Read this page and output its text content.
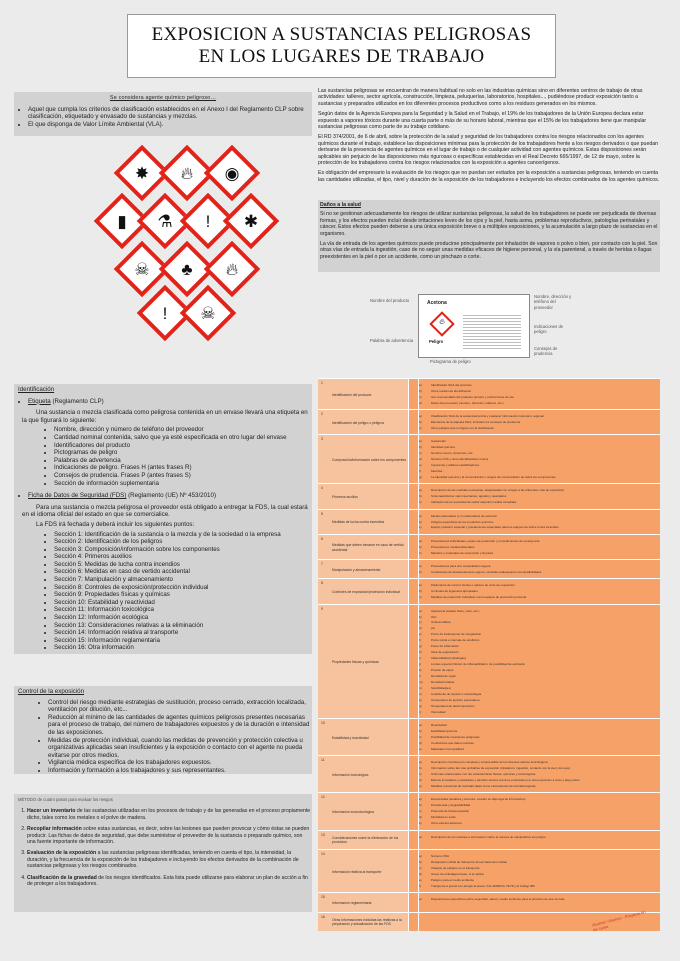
EXPOSICION A SUSTANCIAS PELIGROSAS
EN LOS LUGARES DE TRABAJO
Se considera agente químico peligroso…
• Aquel que cumpla los criterios de clasificación establecidos en el Anexo I del Reglamento CLP sobre clasificación, etiquetado y envasado de sustancias y mezclas.
• El que disponga de Valor Límite Ambiental (VLA).
✸	🔥︎	◉
▮	⚗	!	✱
☠	♣	🔥︎
!	☠

Las sustancias peligrosas se encuentran de manera habitual no solo en las industrias químicas sino en diferentes centros de trabajo de otras actividades: talleres, sector agrícola, construcción, limpieza, peluquerías, laboratorios, hospitales..., pudiéndose producir exposición tanto a sustancias y preparados utilizados en los diferentes procesos productivos como a los residuos generados en los mismos.

Según datos de la Agencia Europea para la Seguridad y la Salud en el Trabajo, el 19% de los trabajadores de la Unión Europea declara estar expuesto a vapores tóxicos durante una cuarta parte o más de su horario laboral, mientras que el 15% de los trabajadores tiene que manipular sustancias peligrosas como parte de su trabajo cotidiano.

El RD 374/2001, de 6 de abril, sobre la protección de la salud y seguridad de los trabajadores contra los riesgos relacionados con los agentes químicos durante el trabajo, establece las disposiciones mínimas para la protección de los trabajadores frente a los riesgos derivados o que puedan derivarse de la presencia de agentes químicos en el lugar de trabajo o de cualquier actividad con agentes químicos. Estas disposiciones serán aplicables sin perjuicio de las disposiciones más rigurosas o específicas establecidas en el Real Decreto 665/1997, de 12 de mayo, sobre la protección de los trabajadores contra los riesgos relacionados con la exposición a agentes cancerígenos.

Es obligación del empresario la evaluación de los riesgos que no puedan ser evitados por la exposición a sustancias peligrosas, teniendo en cuenta las cantidades utilizadas, el tipo, nivel y duración de la exposición de los trabajadores e incluyendo los efectos combinados de los agentes químicos.

Daños a la salud

Si no se gestionan adecuadamente los riesgos de utilizar sustancias peligrosas, la salud de los trabajadores se puede ver perjudicada de diversas formas, y los efectos pueden incluir desde irritaciones leves de los ojos y la piel, hasta asma, problemas reproductivos, patologías perinatales y cáncer. Estos efectos pueden deberse a una única exposición breve o a múltiples exposiciones, y la acumulación a largo plazo de sustancias en el organismo.

La vía de entrada de los agentes químicos puede producirse principalmente por inhalación de vapores o polvo o bien, por contacto con la piel. Son otras vías de entrada la ingestión, caso de no seguir unas medidas eficaces de higiene personal, y la vía parenteral, a través de heridas o llagas preexistentes en la piel o por un accidente, como un pinchazo o corte.

Acetona
🔥︎
Peligro
Nombre del producto
Nombre, dirección y teléfono del proveedor
Palabra de advertencia
Pictograma de peligro
Indicaciones de peligro
Consejos de prudencia
Identificación
• Etiqueta (Reglamento CLP)

Una sustancia o mezcla clasificada como peligrosa contenida en un envase llevará una etiqueta en la que figurará lo siguiente:

• Nombre, dirección y número de teléfono del proveedor
• Cantidad nominal contenida, salvo que ya esté especificada en otro lugar del envase
• Identificadores del producto
• Pictogramas de peligro
• Palabras de advertencia
• Indicaciones de peligro. Frases H (antes frases R)
• Consejos de prudencia. Frases P (antes frases S)
• Sección de información suplementaria
• Ficha de Datos de Seguridad (FDS) (Reglamento (UE) Nº 453/2010)

Para una sustancia o mezcla peligrosa el proveedor está obligado a entregar la FDS, la cual estará en el idioma oficial del estado en que se comercialice.

La FDS irá fechada y deberá incluir los siguientes puntos:

• Sección 1: Identificación de la sustancia o la mezcla y de la sociedad o la empresa
• Sección 2: Identificación de los peligros
• Sección 3: Composición/información sobre los componentes
• Sección 4: Primeros auxilios
• Sección 5: Medidas de lucha contra incendios
• Sección 6: Medidas en caso de vertido accidental
• Sección 7: Manipulación y almacenamiento
• Sección 8: Controles de exposición/protección individual
• Sección 9: Propiedades físicas y químicas
• Sección 10: Estabilidad y reactividad
• Sección 11: Información toxicológica
• Sección 12: Información ecológica
• Sección 13: Consideraciones relativas a la eliminación
• Sección 14: Información relativa al transporte
• Sección 15: Información reglamentaria
• Sección 16: Otra información
Control de la exposición
• Control del riesgo mediante estrategias de sustitución, proceso cerrado, extracción localizada, ventilación por dilución, etc...
• Reducción al mínimo de las cantidades de agentes químicos peligrosos presentes necesarias para el proceso de trabajo, del número de trabajadores expuestos y de la duración e intensidad de las exposiciones.
• Medidas de protección individual, cuando las medidas de prevención y protección colectiva u organizativas aplicadas sean insuficientes y la exposición o contacto con el agente no pueda evitarse por otros medios.
• Vigilancia médica específica de los trabajadores expuestos.
• Información y formación a los trabajadores y sus representantes.
MÉTODO de cuatro pasos para evaluar los riesgos
1. Hacer un inventario de las sustancias utilizadas en los procesos de trabajo y de las generadas en el proceso propiamente dicho, tales como los metales o el polvo de madera.
2. Recopilar información sobre estas sustancias, es decir, sobre las lesiones que pueden provocar y cómo éstas se pueden producir. Las fichas de datos de seguridad, que debe suministrar el proveedor de la sustancia o preparado químico, son una fuente importante de información.
3. Evaluación de la exposición a las sustancias peligrosas identificadas, teniendo en cuenta el tipo, la intensidad, la duración, y la frecuencia de la exposición de los trabajadores e incluyendo los efectos derivados de la combinación de sustancias peligrosas y los riesgos combinados.
4. Clasificación de la gravedad de los riesgos identificados. Esta lista puede utilizarse para elaborar un plan de acción a fin de proteger a los trabajadores.
1
Identificación del producto
a)	Identificador SGA del producto
b)	Otros medios de identificación
c)	Uso recomendado del producto químico y restricciones de uso
d)	Datos del proveedor (nombre, dirección, teléfono, etc.)
2
Identificación del peligro o peligros
a)	Clasificación SGA de la sustancia/mezcla y cualquier información nacional o regional
b)	Elementos de la etiqueta SGA, incluidos los consejos de prudencia
c)	Otros peligros que no figuren en la clasificación
3
Composición/información sobre los componentes
a)	Sustancias:
b)	Identidad química
c)	Nombre común, sinónimos, etc.
d)	Número CAS y otros identificadores únicos
e)	Impurezas y aditivos estabilizadores
f)	Mezclas:
g)	La identidad química y la concentración o rangos de concentración de todos los componentes
4
Primeros auxilios
a)	Descripción de las medidas necesarias, desglosadas con arreglo a las diferentes vías de exposición
b)	Síntomas/efectos más importantes, agudos y retardados
c)	Indicación de la necesidad de recibir atención médica inmediata
5
Medidas de lucha contra incendios
a)	Medios adecuados (y no adecuados) de extinción
b)	Peligros específicos de los productos químicos
c)	Equipo protector especial y precauciones especiales para los equipos de lucha contra incendios
6
Medidas que deben tomarse en caso de vertido accidental
a)	Precauciones individuales, equipo de protección y procedimientos de emergencia
b)	Precauciones medioambientales
c)	Métodos y materiales de contención y limpieza
7
Manipulación y almacenamiento
a)	Precauciones para una manipulación segura
b)	Condiciones de almacenamiento seguro, incluidas cualesquiera incompatibilidades
8
Controles de exposición/protección individual
a)	Parámetros de control: límites o valores de corte de exposición
b)	Controles de ingeniería apropiados
c)	Medidas de protección individual, como equipos de protección personal
9
Propiedades físicas y químicas
a)	Apariencia (estado físico, color, etc.)
b)	Olor
c)	Umbral olfativo
d)	pH
e)	Punto de fusión/punto de congelación
f)	Punto inicial e intervalo de ebullición
g)	Punto de inflamación
h)	Tasa de evaporación
i)	Inflamabilidad (sólido/gas)
j)	Límites superior/inferior de inflamabilidad o de posibilidad de explosión
k)	Presión de vapor
l)	Densidad de vapor
m)	Densidad relativa
n)	Solubilidad(es)
o)	Coeficiente de reparto n-octanol/agua
p)	Temperatura de ignición espontánea
q)	Temperatura de descomposición
r)	Viscosidad
10
Estabilidad y reactividad
a)	Reactividad
b)	Estabilidad química
c)	Posibilidad de reacciones peligrosas
d)	Condiciones que deben evitarse
e)	Materiales incompatibles
11
Información toxicológica
a)	Descripción concisa pero completa y comprensible de los diversos efectos toxicológicos
b)	Información sobre las vías probables de exposición (inhalación, ingestión, contacto con la piel y los ojos)
c)	Síntomas relacionados con las características físicas, químicas y toxicológicas
d)	Efectos inmediatos y retardados y también efectos crónicos producidos por una exposición a corto y largo plazo
e)	Medidas numéricas de toxicidad (tales como estimaciones de toxicidad aguda)
12
Información ecotoxicológica
a)	Ecotoxicidad (acuática y terrestre, cuando se disponga de información)
b)	Persistencia y degradabilidad
c)	Potencial de bioacumulación
d)	Movilidad en suelo
e)	Otros efectos adversos
13
Consideraciones sobre la eliminación de los productos
a)	Descripción de los residuos e información sobre la manera de manipularlos sin peligro
14
Información relativa al transporte
a)	Número ONU
b)	Designación oficial de transporte de las Naciones Unidas
c)	Clase(s) de peligros en el transporte
d)	Grupo de embalaje/envase, si se aplica
e)	Peligros para el medio ambiente
f)	Transporte a granel con arreglo al anexo II de MARPOL 73/78 y al Código IBC
15
Información reglamentaria
a)	Disposiciones específicas sobre seguridad, salud y medio ambiente para el producto de que se trate
16
Otras informaciones incluidas las relativas a la preparación y actualización de las FDS	Alumna / Alumno · Proyecto fin de curso
